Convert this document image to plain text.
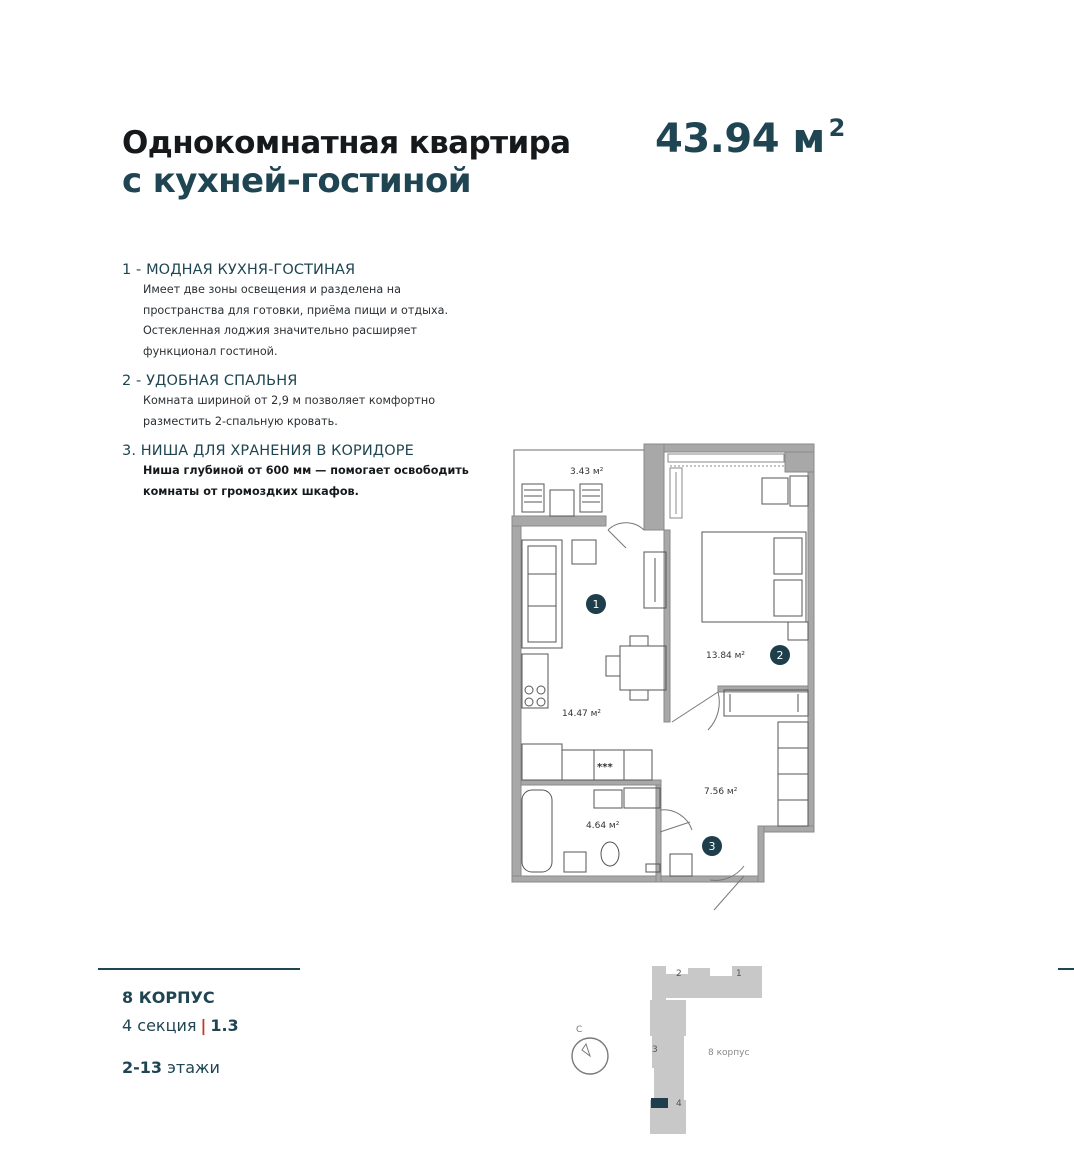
Однокомнатная квартира
с кухней-гостиной
43.94 м $^2$
1 - МОДНАЯ КУХНЯ-ГОСТИНАЯ

Имеет две зоны освещения и разделена на пространства для готовки, приёма пищи и отдыха. Остекленная лоджия значительно расширяет функционал гостиной.

2 - УДОБНАЯ СПАЛЬНЯ

Комната шириной от 2,9 м позволяет комфортно разместить 2-спальную кровать.

3. НИША ДЛЯ ХРАНЕНИЯ В КОРИДОРЕ

Ниша глубиной от 600 мм — помогает освободить комнаты от громоздких шкафов.

3.43 м²
14.47 м²
13.84 м²
7.56 м²
4.64 м²
***
1
2
3
8 КОРПУС
4 секция | 1.3
2-13 этажи
С
1
2
3
4
8 корпус
